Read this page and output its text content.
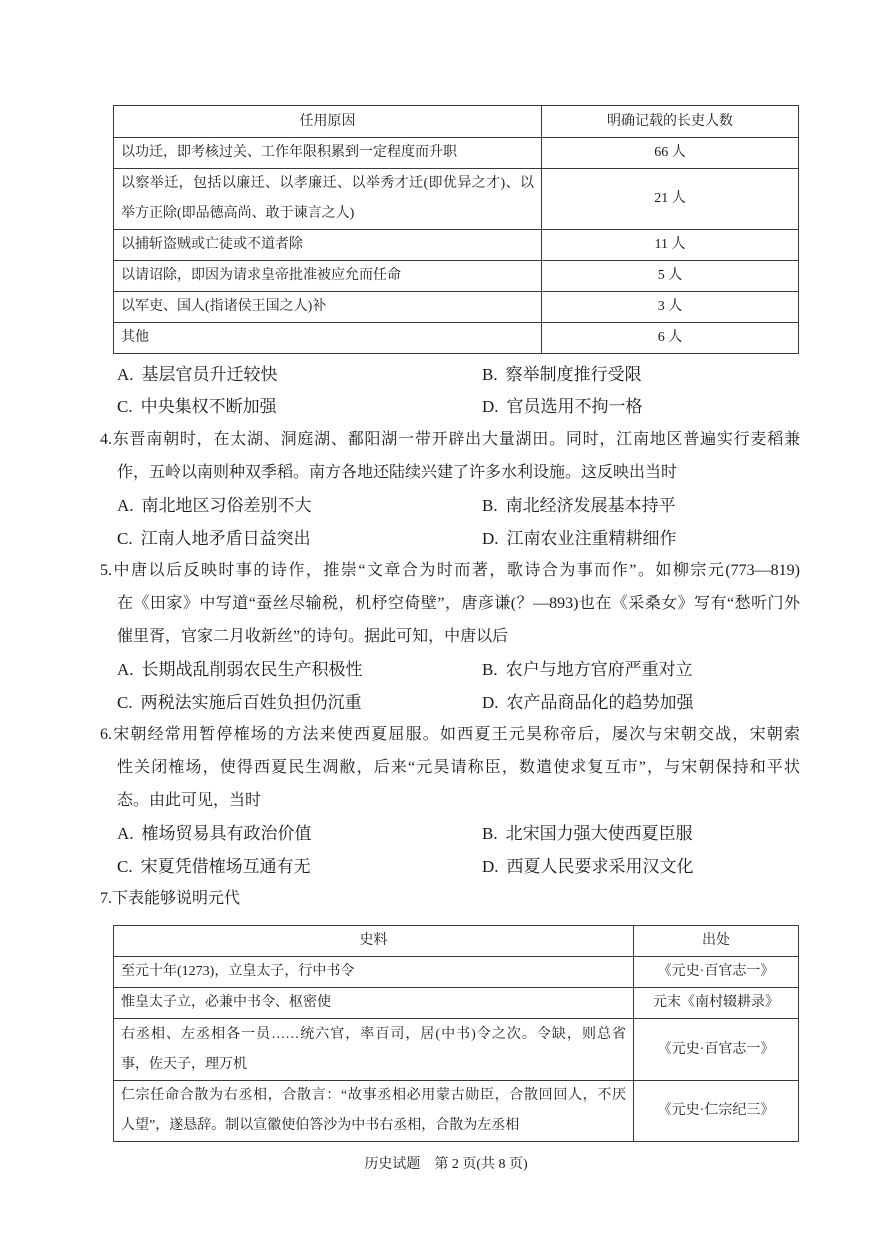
任用原因	明确记载的长吏人数

以功迁，即考核过关、工作年限积累到一定程度而升职	66 人

以察举迁，包括以廉迁、以孝廉迁、以举秀才迁(即优异之才)、以
举方正除(即品德高尚、敢于谏言之人)	21 人

以捕斩盗贼或亡徒或不道者除	11 人

以请诏除，即因为请求皇帝批准被应允而任命	5 人

以军吏、国人(指诸侯王国之人)补	3 人

其他	6 人
A. 基层官员升迁较快	B. 察举制度推行受限
C. 中央集权不断加强	D. 官员选用不拘一格
4.东晋南朝时，在太湖、洞庭湖、鄱阳湖一带开辟出大量湖田。同时，江南地区普遍实行麦稻兼
作，五岭以南则种双季稻。南方各地还陆续兴建了许多水利设施。这反映出当时
A. 南北地区习俗差别不大	B. 南北经济发展基本持平
C. 江南人地矛盾日益突出	D. 江南农业注重精耕细作
5.中唐以后反映时事的诗作，推崇“文章合为时而著，歌诗合为事而作”。如柳宗元(773—819)
在《田家》中写道“蚕丝尽输税，机杼空倚壁”，唐彦谦(？—893)也在《采桑女》写有“愁听门外
催里胥，官家二月收新丝”的诗句。据此可知，中唐以后
A. 长期战乱削弱农民生产积极性	B. 农户与地方官府严重对立
C. 两税法实施后百姓负担仍沉重	D. 农产品商品化的趋势加强
6.宋朝经常用暂停榷场的方法来使西夏屈服。如西夏王元昊称帝后，屡次与宋朝交战，宋朝索
性关闭榷场，使得西夏民生凋敝，后来“元昊请称臣，数遣使求复互市”，与宋朝保持和平状
态。由此可见，当时
A. 榷场贸易具有政治价值	B. 北宋国力强大使西夏臣服
C. 宋夏凭借榷场互通有无	D. 西夏人民要求采用汉文化
7.下表能够说明元代
史料	出处

至元十年(1273)，立皇太子，行中书令	《元史·百官志一》

惟皇太子立，必兼中书令、枢密使	元末《南村辍耕录》

右丞相、左丞相各一员……统六官，率百司，居(中书)令之次。令缺，则总省
事，佐天子，理万机	《元史·百官志一》

仁宗任命合散为右丞相，合散言：“故事丞相必用蒙古勋臣，合散回回人，不厌
人望”，遂恳辞。制以宣徽使伯答沙为中书右丞相，合散为左丞相	《元史·仁宗纪三》
历史试题　第 2 页(共 8 页)
